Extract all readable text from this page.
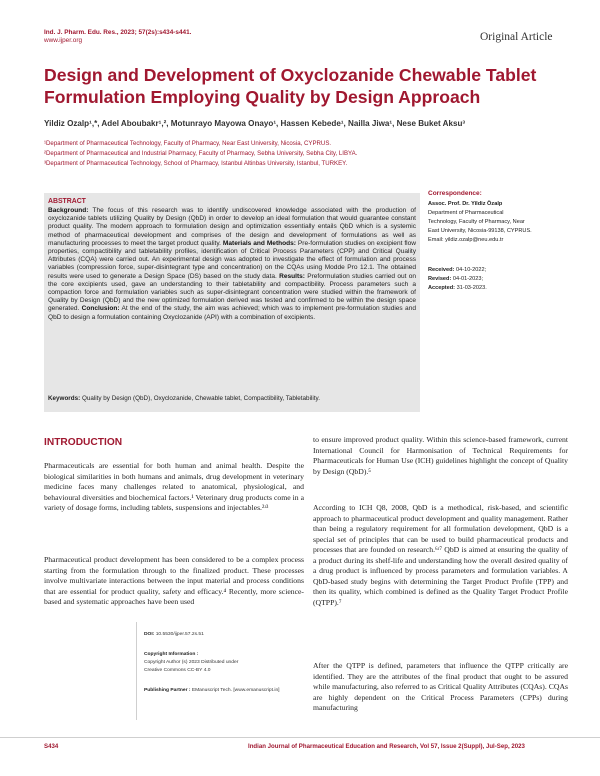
Ind. J. Pharm. Edu. Res., 2023; 57(2s):s434-s441.
www.ijper.org	Original Article
Design and Development of Oxyclozanide Chewable Tablet
Formulation Employing Quality by Design Approach
Yildiz Ozalp¹,*, Adel Aboubakr¹,², Motunrayo Mayowa Onayo¹, Hassen Kebede¹, Nailla Jiwa¹, Nese Buket Aksu³
¹Department of Pharmaceutical Technology, Faculty of Pharmacy, Near East University, Nicosia, CYPRUS.
²Department of Pharmaceutical and Industrial Pharmacy, Faculty of Pharmacy, Sebha University, Sebha City, LIBYA.
³Department of Pharmaceutical Technology, School of Pharmacy, Istanbul Altinbas University, Istanbul, TURKEY.
ABSTRACT
Background: The focus of this research was to identify undiscovered knowledge associated with the production of oxyclozanide tablets utilizing Quality by Design (QbD) in order to develop an ideal formulation that would guarantee constant product quality. The modern approach to formulation design and optimization essentially entails QbD which is a systemic method of pharmaceutical development and comprises of the design and development of formulations as well as manufacturing processes to meet the target product quality. Materials and Methods: Pre-formulation studies on excipient flow properties, compactibility and tabletability profiles, identification of Critical Process Parameters (CPP) and Critical Quality Attributes (CQA) were carried out. An experimental design was adopted to investigate the effect of formulation and process variables (compression force, super-disintegrant type and concentration) on the CQAs using Modde Pro 12.1. The obtained results were used to generate a Design Space (DS) based on the study data. Results: Preformulation studies carried out on the core excipients used, gave an understanding to their tabletability and compactibility. Process parameters such a compaction force and formulation variables such as super-disintegrant concentration were studied within the framework of Quality by Design (QbD) and the new optimized formulation derived was tested and confirmed to be within the design space generated. Conclusion: At the end of the study, the aim was achieved; which was to implement pre-formulation studies and QbD to design a formulation containing Oxyclozanide (API) with a combination of excipients.
Keywords: Quality by Design (QbD), Oxyclozanide, Chewable tablet, Compactibility, Tabletability.
Correspondence:
Assoc. Prof. Dr. Yildiz Özalp
Department of Pharmaceutical
Technology, Faculty of Pharmacy, Near
East University, Nicosia-99138, CYPRUS.
Email: yildiz.ozalp@neu.edu.tr
Received: 04-10-2022;
Revised: 04-01-2023;
Accepted: 31-03-2023.
INTRODUCTION
Pharmaceuticals are essential for both human and animal health. Despite the biological similarities in both humans and animals, drug development in veterinary medicine faces many challenges related to anatomical, physiological, and behavioural diversities and biochemical factors.¹ Veterinary drug products come in a variety of dosage forms, including tablets, suspensions and injectables.²ʴ³
Pharmaceutical product development has been considered to be a complex process starting from the formulation through to the finalized product. These processes involve multivariate interactions between the input material and process conditions that are essential for product quality, safety and efficacy.⁴ Recently, more science-based and systematic approaches have been used
to ensure improved product quality. Within this science-based framework, current International Council for Harmonisation of Technical Requirements for Pharmaceuticals for Human Use (ICH) guidelines highlight the concept of Quality by Design (QbD).⁵
According to ICH Q8, 2008, QbD is a methodical, risk-based, and scientific approach to pharmaceutical product development and quality management. Rather than being a regulatory requirement for all formulation development, QbD is a special set of principles that can be used to build pharmaceutical products and processes that are founded on research.⁶ʴ⁷ QbD is aimed at ensuring the quality of a product during its shelf-life and understanding how the overall desired quality of a drug product is influenced by process parameters and formulation variables. A QbD-based study begins with determining the Target Product Profile (TPP) and then its quality, which combined is defined as the Quality Target Product Profile (QTPP).⁷
After the QTPP is defined, parameters that influence the QTPP critically are identified. They are the attributes of the final product that ought to be assured while manufacturing, also referred to as Critical Quality Attributes (CQAs). CQAs are highly dependent on the Critical Process Parameters (CPPs) during manufacturing
DOI: 10.5530/ijper.57.2s.51
Copyright Information :
Copyright Author (s) 2023 Distributed under
Creative Commons CC-BY 4.0
Publishing Partner : EManuscript Tech. [www.emanuscript.in]
S434	Indian Journal of Pharmaceutical Education and Research, Vol 57, Issue 2(Suppl), Jul-Sep, 2023
